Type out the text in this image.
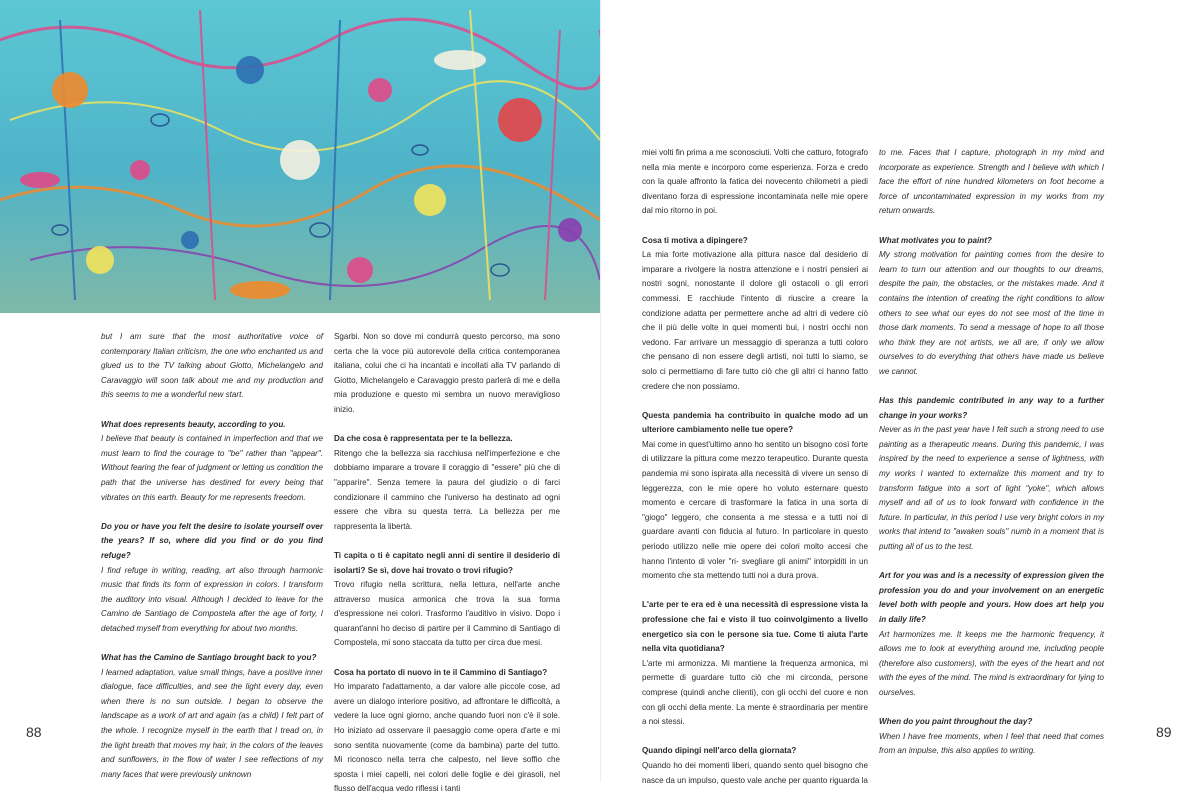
but I am sure that the most authoritative voice of contemporary Italian criticism, the one who enchanted us and glued us to the TV talking about Giotto, Michelangelo and Caravaggio will soon talk about me and my production and this seems to me a wonderful new start.

What does represents beauty, according to you.
I believe that beauty is contained in imperfection and that we must learn to find the courage to "be" rather than "appear". Without fearing the fear of judgment or letting us condition the path that the universe has destined for every being that vibrates on this earth. Beauty for me represents freedom.

Do you or have you felt the desire to isolate yourself over the years? If so, where did you find or do you find refuge?
I find refuge in writing, reading, art also through harmonic music that finds its form of expression in colors. I transform the auditory into visual. Although I decided to leave for the Camino de Santiago de Compostela after the age of forty, I detached myself from everything for about two months.

What has the Camino de Santiago brought back to you?
I learned adaptation, value small things, have a positive inner dialogue, face difficulties, and see the light every day, even when there is no sun outside. I began to observe the landscape as a work of art and again (as a child) I felt part of the whole. I recognize myself in the earth that I tread on, in the light breath that moves my hair, in the colors of the leaves and sunflowers, in the flow of water I see reflections of my many faces that were previously unknown

Sgarbi. Non so dove mi condurrà questo percorso, ma sono certa che la voce più autorevole della critica contemporanea italiana, colui che ci ha incantati e incollati alla TV parlando di Giotto, Michelangelo e Caravaggio presto parlerà di me e della mia produzione e questo mi sembra un nuovo meraviglioso inizio.

Da che cosa è rappresentata per te la bellezza.
Ritengo che la bellezza sia racchiusa nell'imperfezione e che dobbiamo imparare a trovare il coraggio di "essere" più che di "apparire". Senza temere la paura del giudizio o di farci condizionare il cammino che l'universo ha destinato ad ogni essere che vibra su questa terra. La bellezza per me rappresenta la libertà.

Ti capita o ti è capitato negli anni di sentire il desiderio di isolarti? Se sì, dove hai trovato o trovi rifugio?
Trovo rifugio nella scrittura, nella lettura, nell'arte anche attraverso musica armonica che trova la sua forma d'espressione nei colori. Trasformo l'auditivo in visivo. Dopo i quarant'anni ho deciso di partire per il Cammino di Santiago di Compostela, mi sono staccata da tutto per circa due mesi.

Cosa ha portato di nuovo in te il Cammino di Santiago?
Ho imparato l'adattamento, a dar valore alle piccole cose, ad avere un dialogo interiore positivo, ad affrontare le difficoltà, a vedere la luce ogni giorno, anche quando fuori non c'è il sole. Ho iniziato ad osservare il paesaggio come opera d'arte e mi sono sentita nuovamente (come da bambina) parte del tutto. Mi riconosco nella terra che calpesto, nel lieve soffio che sposta i miei capelli, nei colori delle foglie e dei girasoli, nel flusso dell'acqua vedo riflessi i tanti

88

miei volti fin prima a me sconosciuti. Volti che catturo, fotografo nella mia mente e incorporo come esperienza. Forza e credo con la quale affronto la fatica dei novecento chilometri a piedi diventano forza di espressione incontaminata nelle mie opere dal mio ritorno in poi.

Cosa ti motiva a dipingere?
La mia forte motivazione alla pittura nasce dal desiderio di imparare a rivolgere la nostra attenzione e i nostri pensieri ai nostri sogni, nonostante il dolore gli ostacoli o gli errori commessi. E racchiude l'intento di riuscire a creare la condizione adatta per permettere anche ad altri di vedere ciò che il più delle volte in quei momenti bui, i nostri occhi non vedono. Far arrivare un messaggio di speranza a tutti coloro che pensano di non essere degli artisti, noi tutti lo siamo, se solo ci permettiamo di fare tutto ciò che gli altri ci hanno fatto credere che non possiamo.

Questa pandemia ha contribuito in qualche modo ad un ulteriore cambiamento nelle tue opere?
Mai come in quest'ultimo anno ho sentito un bisogno così forte di utilizzare la pittura come mezzo terapeutico. Durante questa pandemia mi sono ispirata alla necessità di vivere un senso di leggerezza, con le mie opere ho voluto esternare questo momento e cercare di trasformare la fatica in una sorta di "giogo" leggero, che consenta a me stessa e a tutti noi di guardare avanti con fiducia al futuro. In particolare in questo periodo utilizzo nelle mie opere dei colori molto accesi che hanno l'intento di voler "ri- svegliare gli animi" intorpiditi in un momento che sta mettendo tutti noi a dura prova.

L'arte per te era ed è una necessità di espressione vista la professione che fai e visto il tuo coinvolgimento a livello energetico sia con le persone sia tue. Come ti aiuta l'arte nella vita quotidiana?
L'arte mi armonizza. Mi mantiene la frequenza armonica, mi permette di guardare tutto ciò che mi circonda, persone comprese (quindi anche clienti), con gli occhi del cuore e non con gli occhi della mente. La mente è straordinaria per mentire a noi stessi.

Quando dipingi nell'arco della giornata?
Quando ho dei momenti liberi, quando sento quel bisogno che nasce da un impulso, questo vale anche per quanto riguarda la

to me. Faces that I capture, photograph in my mind and incorporate as experience. Strength and I believe with which I face the effort of nine hundred kilometers on foot become a force of uncontaminated expression in my works from my return onwards.

What motivates you to paint?
My strong motivation for painting comes from the desire to learn to turn our attention and our thoughts to our dreams, despite the pain, the obstacles, or the mistakes made. And it contains the intention of creating the right conditions to allow others to see what our eyes do not see most of the time in those dark moments. To send a message of hope to all those who think they are not artists, we all are, if only we allow ourselves to do everything that others have made us believe we cannot.

Has this pandemic contributed in any way to a further change in your works?
Never as in the past year have I felt such a strong need to use painting as a therapeutic means. During this pandemic, I was inspired by the need to experience a sense of lightness, with my works I wanted to externalize this moment and try to transform fatigue into a sort of light "yoke", which allows myself and all of us to look forward with confidence in the future. In particular, in this period I use very bright colors in my works that intend to "awaken souls" numb in a moment that is putting all of us to the test.

Art for you was and is a necessity of expression given the profession you do and your involvement on an energetic level both with people and yours. How does art help you in daily life?
Art harmonizes me. It keeps me the harmonic frequency, it allows me to look at everything around me, including people (therefore also customers), with the eyes of the heart and not with the eyes of the mind. The mind is extraordinary for lying to ourselves.

When do you paint throughout the day?
When I have free moments, when I feel that need that comes from an impulse, this also applies to writing.

89
